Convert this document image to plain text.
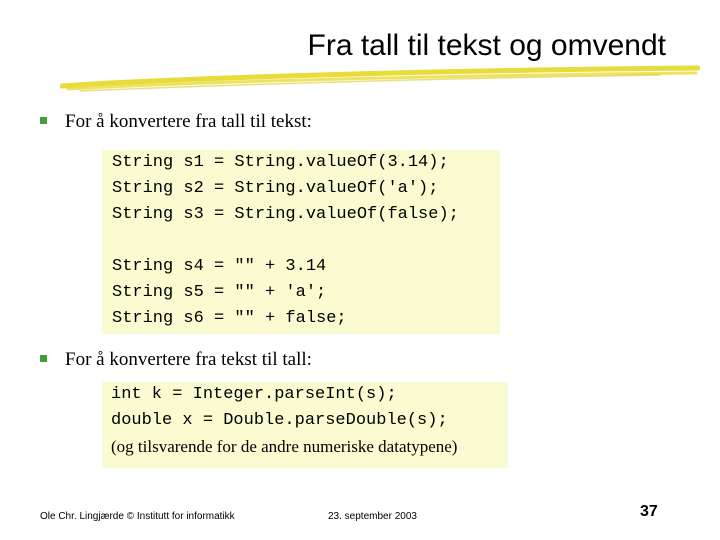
Fra tall til tekst og omvendt
For å konvertere fra tall til tekst:
String s1 = String.valueOf(3.14);
String s2 = String.valueOf('a');
String s3 = String.valueOf(false);
String s4 = "" + 3.14
String s5 = "" + 'a';
String s6 = "" + false;
For å konvertere fra tekst til tall:
int k = Integer.parseInt(s);
double x = Double.parseDouble(s);
(og tilsvarende for de andre numeriske datatypene)
Ole Chr. Lingjærde © Institutt for informatikk	23. september 2003	37
